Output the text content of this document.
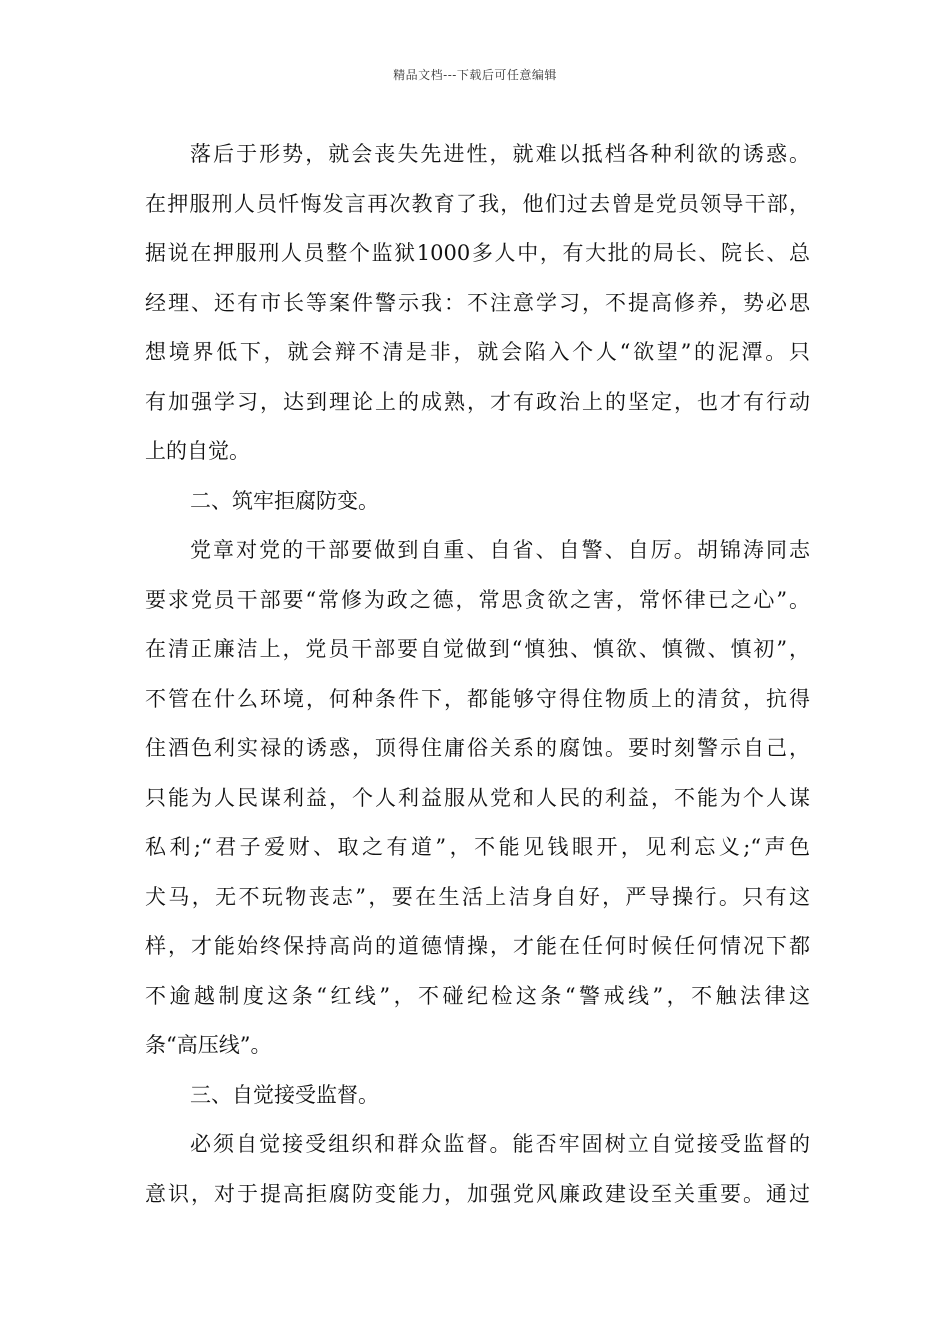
精品文档---下载后可任意编辑
落后于形势，就会丧失先进性，就难以抵档各种利欲的诱惑。
在押服刑人员忏悔发言再次教育了我，他们过去曾是党员领导干部，
据说在押服刑人员整个监狱1000多人中，有大批的局长、院长、总
经理、还有市长等案件警示我：不注意学习，不提高修养，势必思
想境界低下，就会辩不清是非，就会陷入个人“欲望”的泥潭。只
有加强学习，达到理论上的成熟，才有政治上的坚定，也才有行动
上的自觉。
二、筑牢拒腐防变。
党章对党的干部要做到自重、自省、自警、自厉。胡锦涛同志
要求党员干部要“常修为政之德，常思贪欲之害，常怀律已之心”。
在清正廉洁上，党员干部要自觉做到“慎独、慎欲、慎微、慎初”，
不管在什么环境，何种条件下，都能够守得住物质上的清贫，抗得
住酒色利实禄的诱惑，顶得住庸俗关系的腐蚀。要时刻警示自己，
只能为人民谋利益，个人利益服从党和人民的利益，不能为个人谋
私利;“君子爱财、取之有道”，不能见钱眼开，见利忘义;“声色
犬马，无不玩物丧志”，要在生活上洁身自好，严导操行。只有这
样，才能始终保持高尚的道德情操，才能在任何时候任何情况下都
不逾越制度这条“红线”，不碰纪检这条“警戒线”，不触法律这
条“高压线”。
三、自觉接受监督。
必须自觉接受组织和群众监督。能否牢固树立自觉接受监督的
意识，对于提高拒腐防变能力，加强党风廉政建设至关重要。通过
